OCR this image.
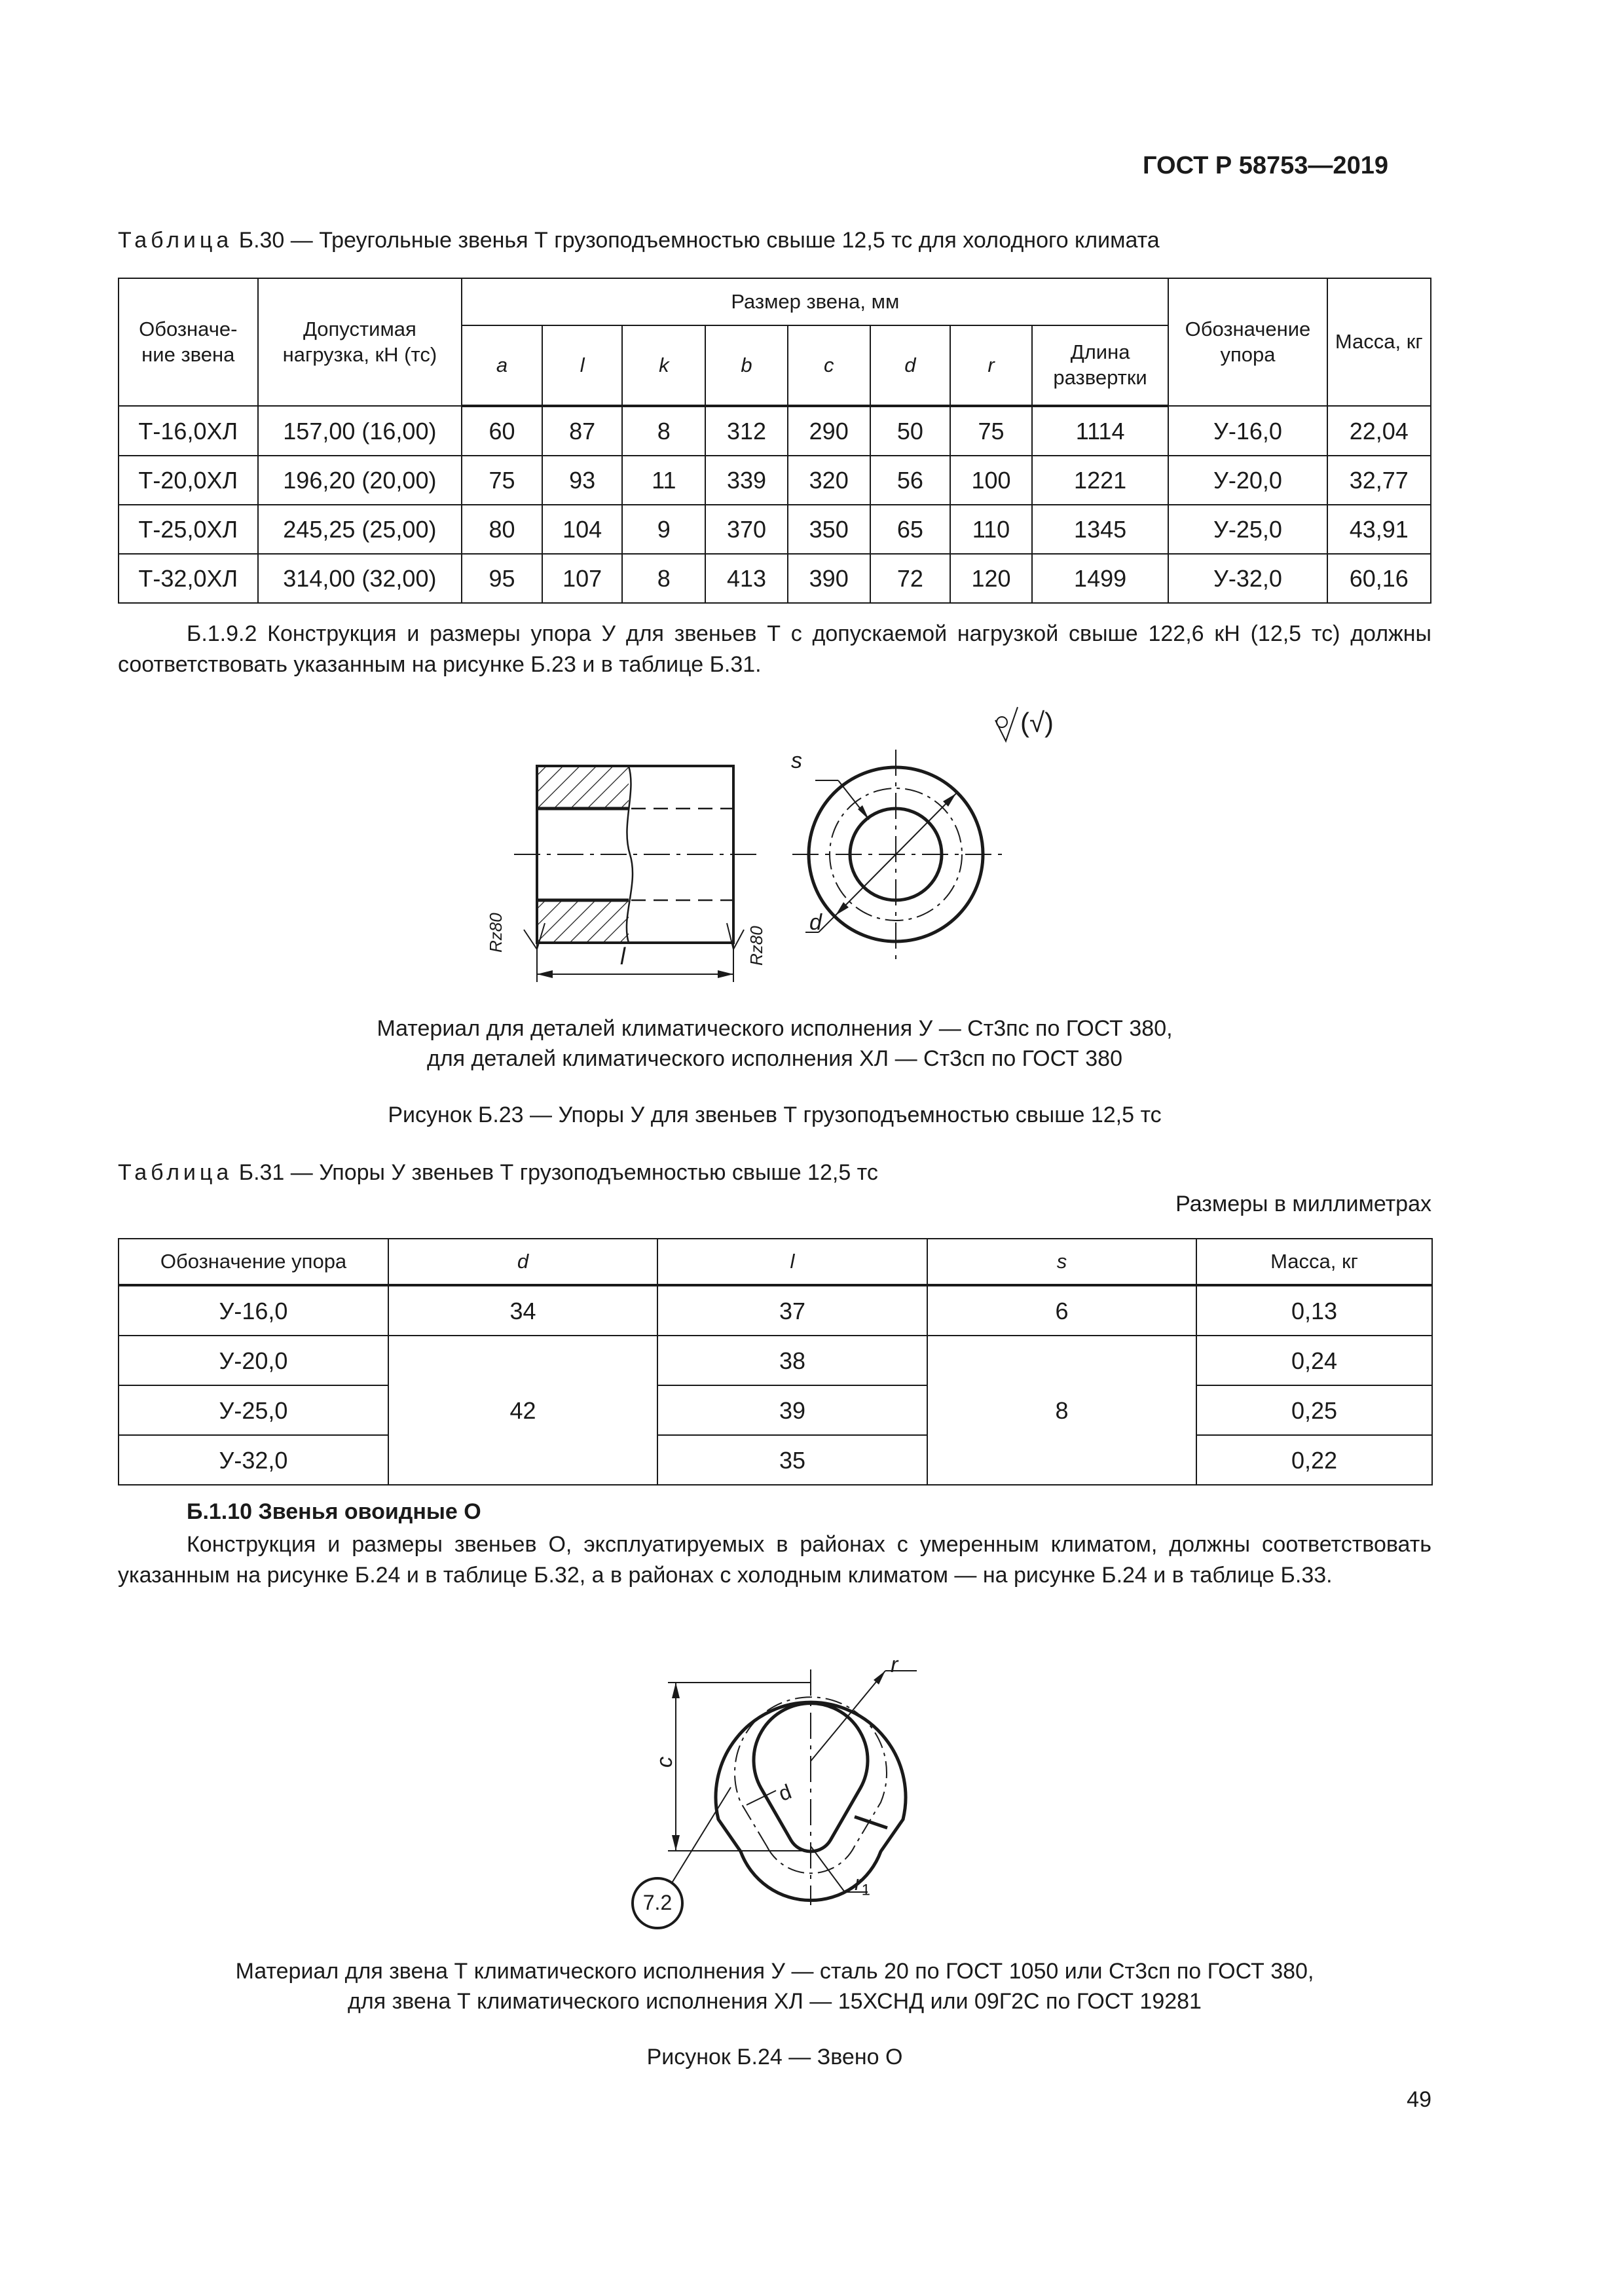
ГОСТ Р 58753—2019
Таблица Б.30 — Треугольные звенья Т грузоподъемностью свыше 12,5 тс для холодного климата
Обозначе- ние звена	Допустимая нагрузка, кН (тс)	Размер звена, мм								Обозначение упора	Масса, кг
		a	l	k	b	c	d	r	Длина развертки		
Т-16,0ХЛ	157,00 (16,00)	60	87	8	312	290	50	75	1114	У-16,0	22,04
Т-20,0ХЛ	196,20 (20,00)	75	93	11	339	320	56	100	1221	У-20,0	32,77
Т-25,0ХЛ	245,25 (25,00)	80	104	9	370	350	65	110	1345	У-25,0	43,91
Т-32,0ХЛ	314,00 (32,00)	95	107	8	413	390	72	120	1499	У-32,0	60,16
Б.1.9.2 Конструкция и размеры упора У для звеньев Т с допускаемой нагрузкой свыше 122,6 кН (12,5 тс) должны соответствовать указанным на рисунке Б.23 и в таблице Б.31.
s
d
l
(√)
Rz80	Rz80
Материал для деталей климатического исполнения У — Ст3пс по ГОСТ 380,
для деталей климатического исполнения ХЛ — Ст3сп по ГОСТ 380
Рисунок Б.23 — Упоры У для звеньев Т грузоподъемностью свыше 12,5 тс
Таблица Б.31 — Упоры У звеньев Т грузоподъемностью свыше 12,5 тс
Размеры в миллиметрах
Обозначение упора	d	l	s	Масса, кг
У-16,0	34	37	6	0,13
У-20,0	42	38	8	0,24
У-25,0		39		0,25
У-32,0		35		0,22
Б.1.10 Звенья овоидные О
Конструкция и размеры звеньев О, эксплуатируемых в районах с умеренным климатом, должны соответствовать указанным на рисунке Б.24 и в таблице Б.32, а в районах с холодным климатом — на рисунке Б.24 и в таблице Б.33.
r
c
d
$r_1$
7.2
Материал для звена Т климатического исполнения У — сталь 20 по ГОСТ 1050 или Ст3сп по ГОСТ 380,
для звена Т климатического исполнения ХЛ — 15ХСНД или 09Г2С по ГОСТ 19281
Рисунок Б.24 — Звено О
49
